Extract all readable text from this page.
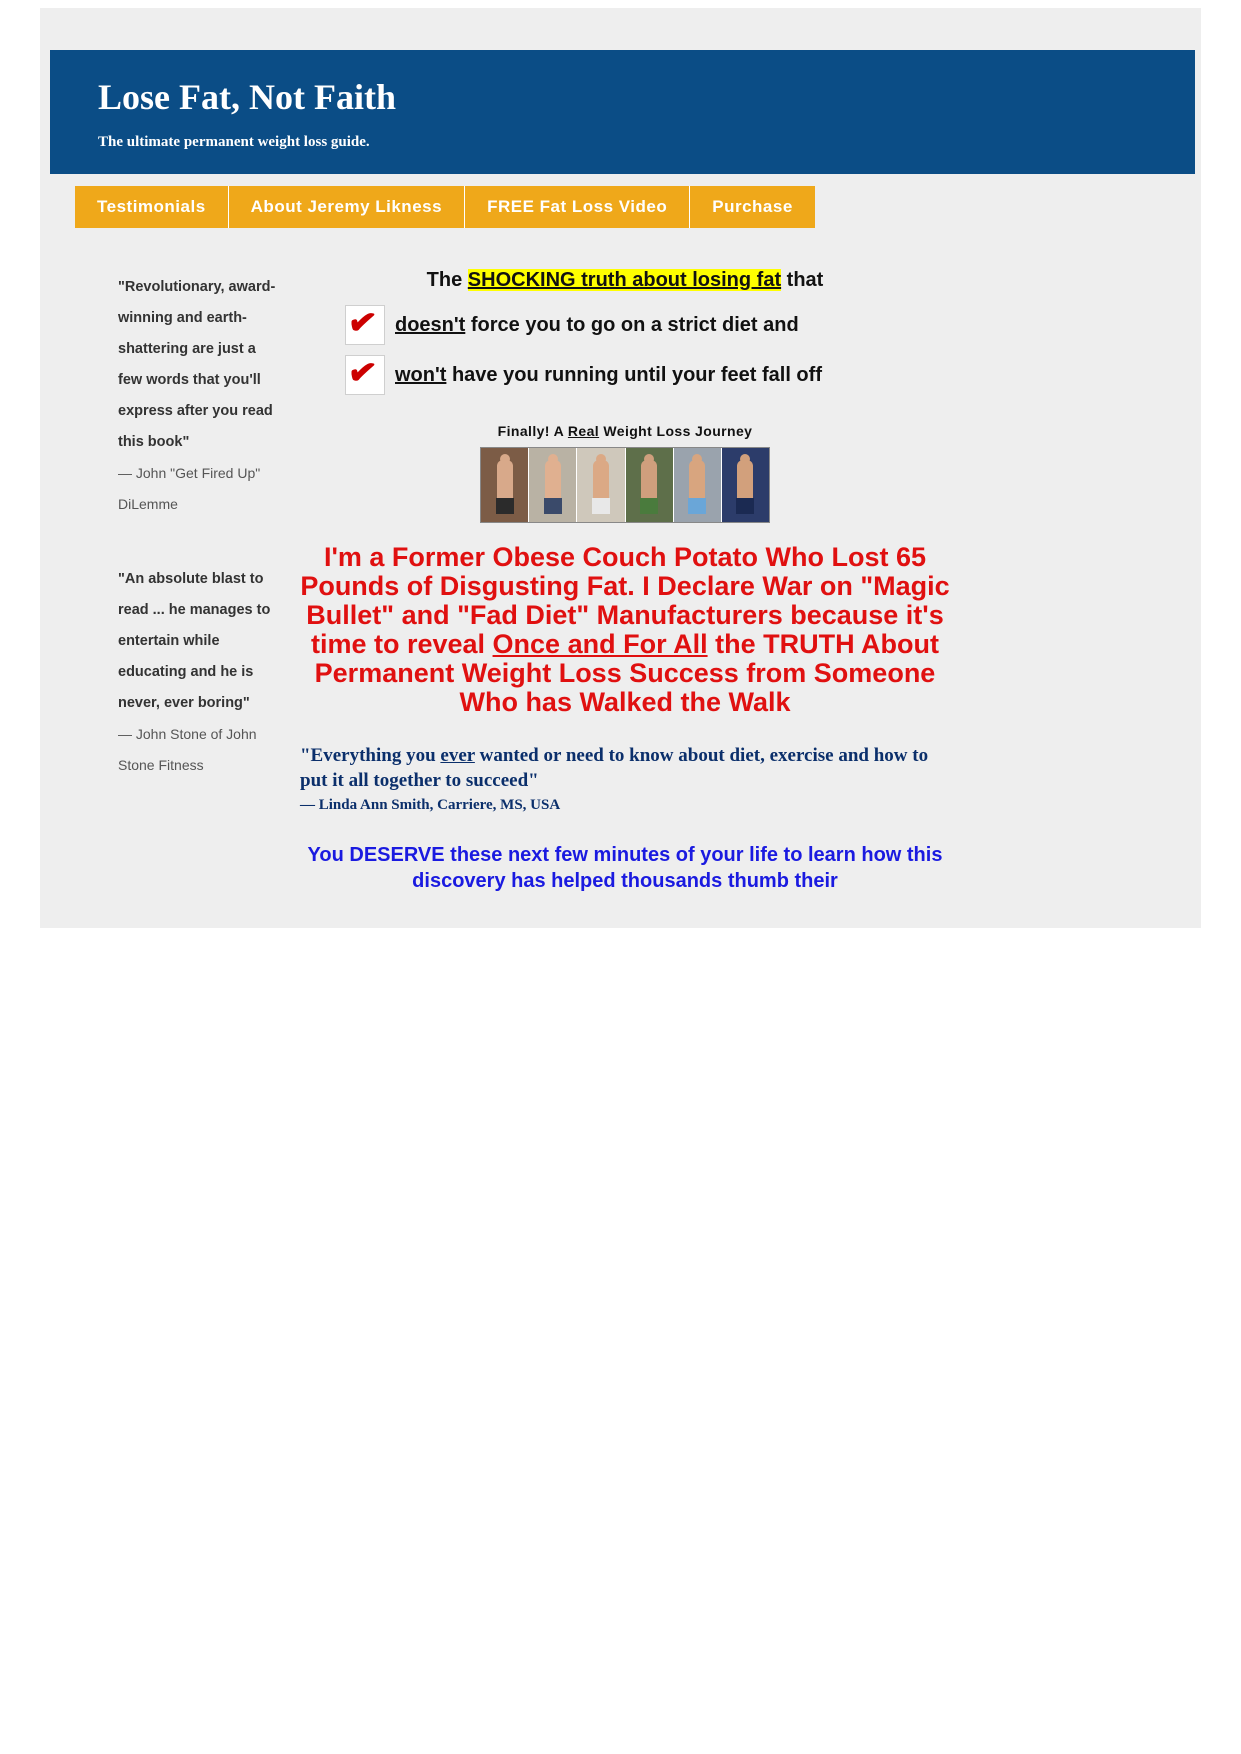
Lose Fat, Not Faith
The ultimate permanent weight loss guide.
Testimonials	About Jeremy Likness	FREE Fat Loss Video	Purchase
"Revolutionary, award-winning and earth-shattering are just a few words that you'll express after you read this book"
— John "Get Fired Up" DiLemme
"An absolute blast to read ... he manages to entertain while educating and he is never, ever boring"
— John Stone of John Stone Fitness
The SHOCKING truth about losing fat that
✔ doesn't force you to go on a strict diet and
✔ won't have you running until your feet fall off
Finally! A Real Weight Loss Journey
I'm a Former Obese Couch Potato Who Lost 65 Pounds of Disgusting Fat. I Declare War on "Magic Bullet" and "Fad Diet" Manufacturers because it's time to reveal Once and For All the TRUTH About Permanent Weight Loss Success from Someone Who has Walked the Walk
"Everything you ever wanted or need to know about diet, exercise and how to put it all together to succeed"
— Linda Ann Smith, Carriere, MS, USA
You DESERVE these next few minutes of your life to learn how this discovery has helped thousands thumb their
